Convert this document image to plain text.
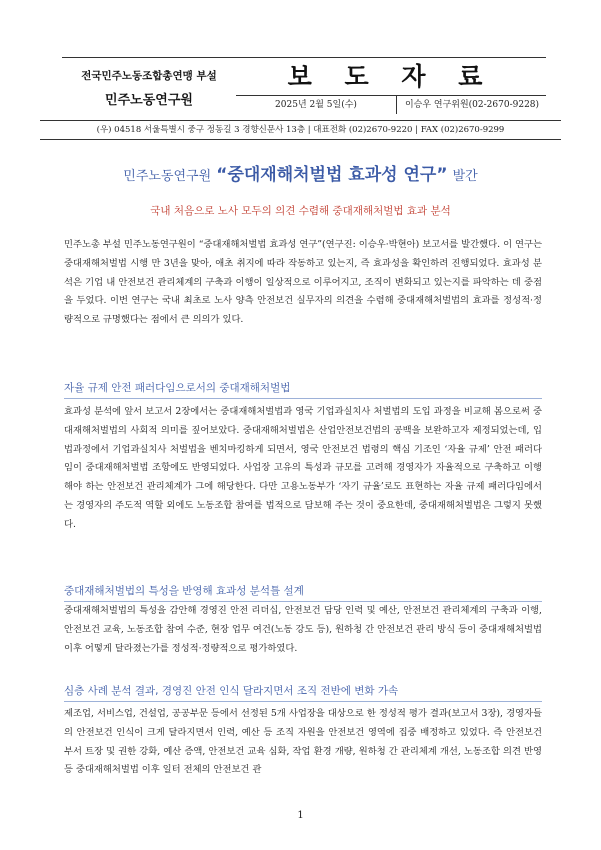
전국민주노동조합총연맹 부설
민주노동연구원
보 도 자 료
2025년 2월 5일(수)	이승우 연구위원(02-2670-9228)
(우) 04518 서울특별시 중구 정동길 3 경향신문사 13층 | 대표전화 (02)2670-9220 | FAX (02)2670-9299
민주노동연구원 “중대재해처벌법 효과성 연구” 발간
국내 처음으로 노사 모두의 의견 수렴해 중대재해처벌법 효과 분석

민주노총 부설 민주노동연구원이 “중대재해처벌법 효과성 연구”(연구진: 이승우·박현아) 보고서를 발간했다. 이 연구는 중대재해처벌법 시행 만 3년을 맞아, 애초 취지에 따라 작동하고 있는지, 즉 효과성을 확인하려 진행되었다. 효과성 분석은 기업 내 안전보건 관리체계의 구축과 이행이 일상적으로 이루어지고, 조직이 변화되고 있는지를 파악하는 데 중점을 두었다. 이번 연구는 국내 최초로 노사 양측 안전보건 실무자의 의견을 수렴해 중대재해처벌법의 효과를 정성적·정량적으로 규명했다는 점에서 큰 의의가 있다.

자율 규제 안전 패러다임으로서의 중대재해처벌법

효과성 분석에 앞서 보고서 2장에서는 중대재해처벌법과 영국 기업과실치사 처벌법의 도입 과정을 비교해 봄으로써 중대재해처벌법의 사회적 의미를 짚어보았다. 중대재해처벌법은 산업안전보건법의 공백을 보완하고자 제정되었는데, 입법과정에서 기업과실치사 처벌법을 벤치마킹하게 되면서, 영국 안전보건 법령의 핵심 기조인 ‘자율 규제’ 안전 패러다임이 중대재해처벌법 조항에도 반영되었다. 사업장 고유의 특성과 규모를 고려해 경영자가 자율적으로 구축하고 이행해야 하는 안전보건 관리체계가 그에 해당한다. 다만 고용노동부가 ‘자기 규율’로도 표현하는 자율 규제 패러다임에서는 경영자의 주도적 역할 외에도 노동조합 참여를 법적으로 담보해 주는 것이 중요한데, 중대재해처벌법은 그렇지 못했다.

중대재해처벌법의 특성을 반영해 효과성 분석틀 설계

중대재해처벌법의 특성을 감안해 경영진 안전 리더십, 안전보건 담당 인력 및 예산, 안전보건 관리체계의 구축과 이행, 안전보건 교육, 노동조합 참여 수준, 현장 업무 여건(노동 강도 등), 원하청 간 안전보건 관리 방식 등이 중대재해처벌법 이후 어떻게 달라졌는가를 정성적·정량적으로 평가하였다.

심층 사례 분석 결과, 경영진 안전 인식 달라지면서 조직 전반에 변화 가속

제조업, 서비스업, 건설업, 공공부문 등에서 선정된 5개 사업장을 대상으로 한 정성적 평가 결과(보고서 3장), 경영자들의 안전보건 인식이 크게 달라지면서 인력, 예산 등 조직 자원을 안전보건 영역에 집중 배정하고 있었다. 즉 안전보건 부서 트장 및 권한 강화, 예산 증액, 안전보건 교육 심화, 작업 환경 개량, 원하청 간 관리체계 개선, 노동조합 의견 반영 등 중대재해처벌법 이후 일터 전체의 안전보건 관

1
